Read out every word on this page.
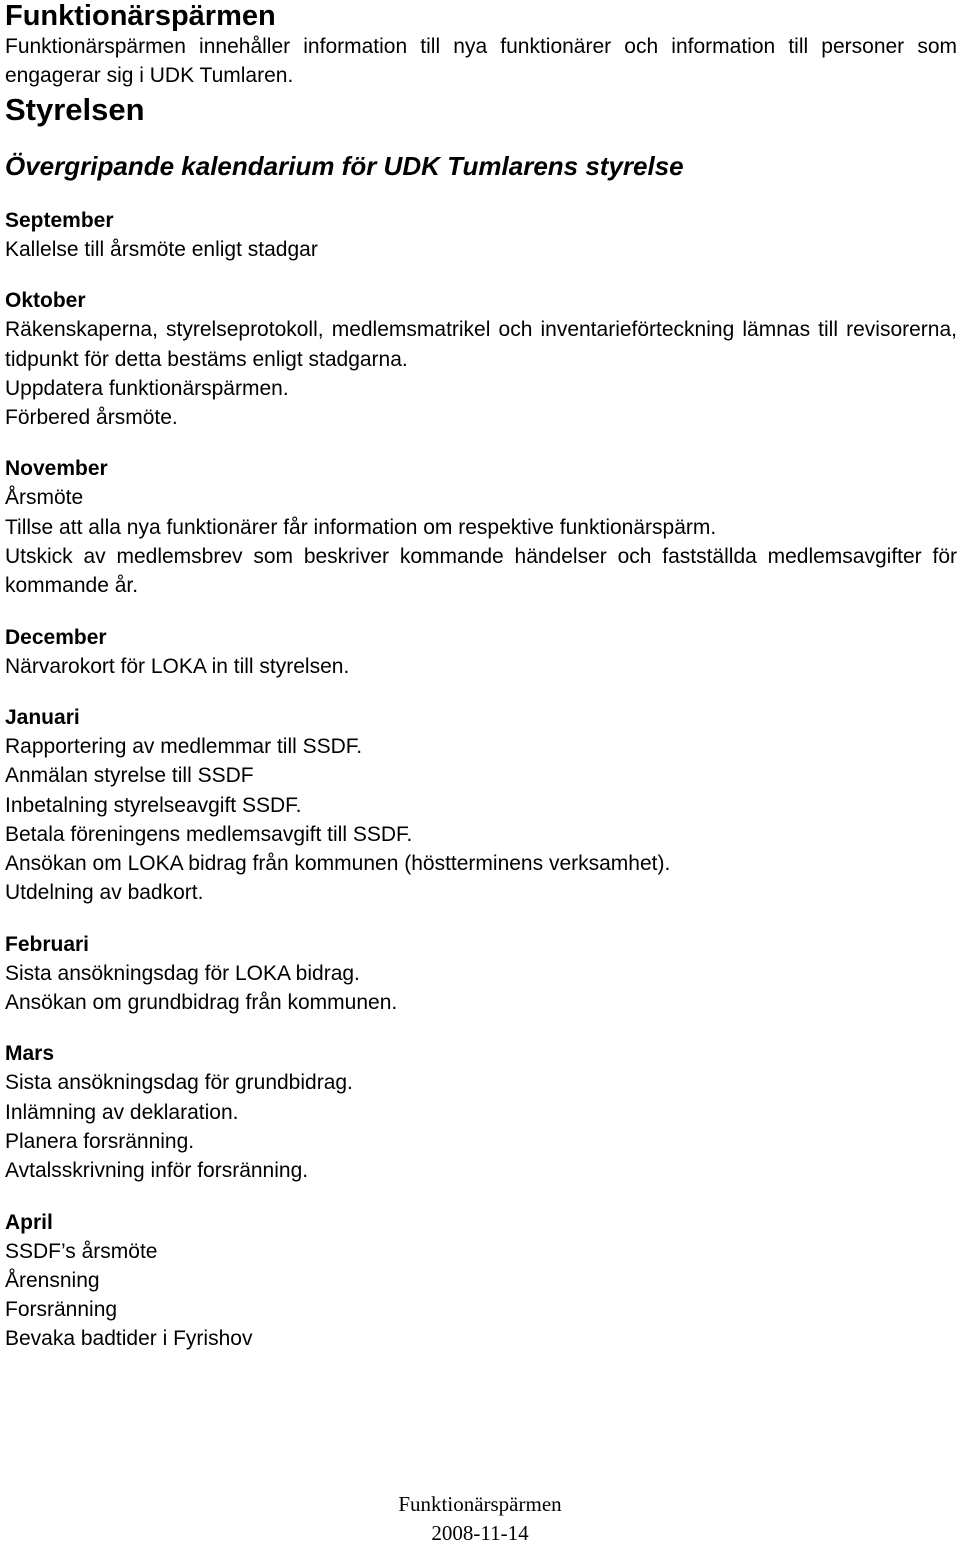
Funktionärspärmen

Funktionärspärmen innehåller information till nya funktionärer och information till personer som engagerar sig i UDK Tumlaren.

Styrelsen
Övergripande kalendarium för UDK Tumlarens styrelse
September
Kallelse till årsmöte enligt stadgar
Oktober
Räkenskaperna, styrelseprotokoll, medlemsmatrikel och inventarieförteckning lämnas till revisorerna, tidpunkt för detta bestäms enligt stadgarna.
Uppdatera funktionärspärmen.
Förbered årsmöte.
November
Årsmöte
Tillse att alla nya funktionärer får information om respektive funktionärspärm.
Utskick av medlemsbrev som beskriver kommande händelser och fastställda medlemsavgifter för kommande år.
December
Närvarokort för LOKA in till styrelsen.
Januari
Rapportering av medlemmar till SSDF.
Anmälan styrelse till SSDF
Inbetalning styrelseavgift SSDF.
Betala föreningens medlemsavgift till SSDF.
Ansökan om LOKA bidrag från kommunen (höstterminens verksamhet).
Utdelning av badkort.
Februari
Sista ansökningsdag för LOKA bidrag.
Ansökan om grundbidrag från kommunen.
Mars
Sista ansökningsdag för grundbidrag.
Inlämning av deklaration.
Planera forsränning.
Avtalsskrivning inför forsränning.
April
SSDF’s årsmöte
Årensning
Forsränning
Bevaka badtider i Fyrishov
Funktionärspärmen
2008-11-14
